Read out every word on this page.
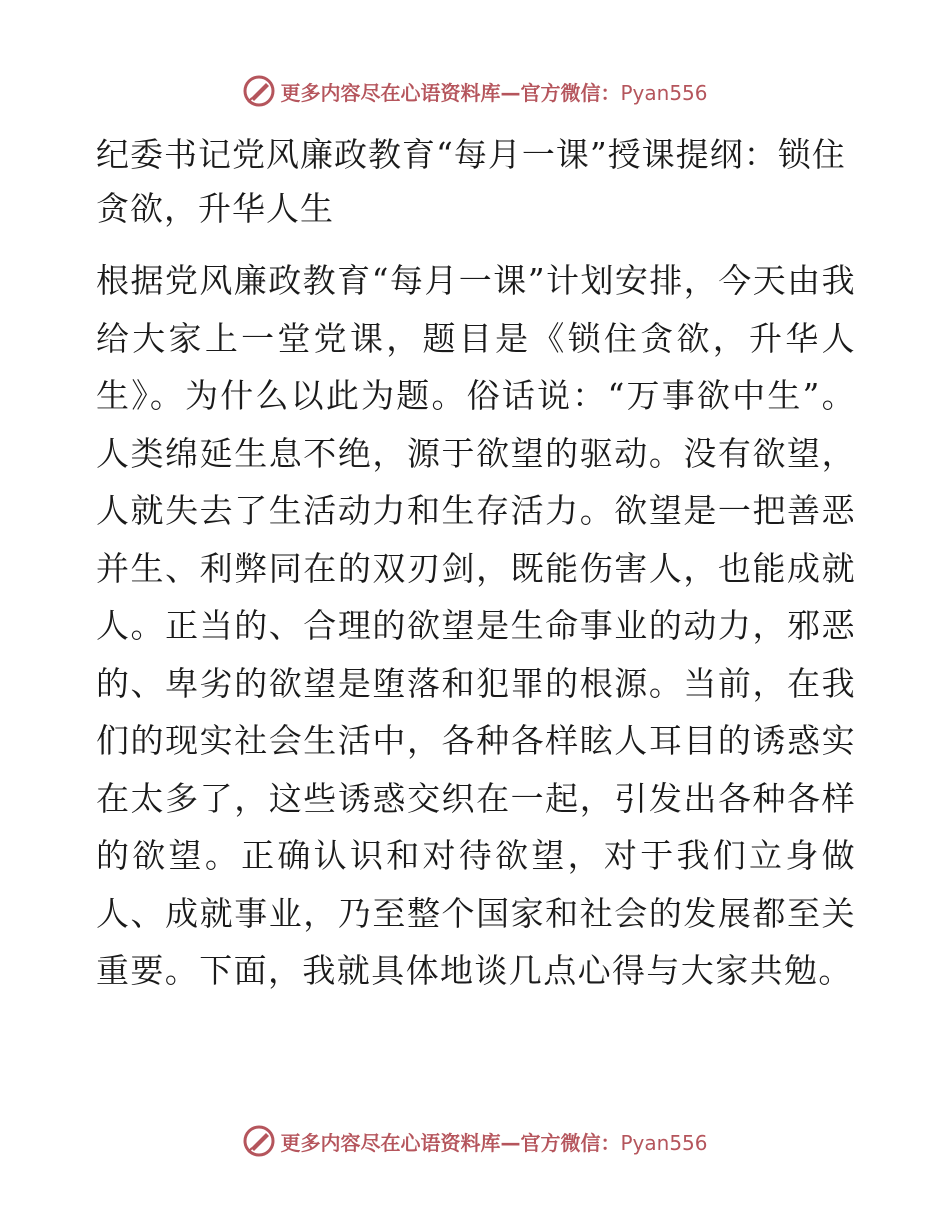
更多内容尽在心语资料库—官方微信：Pyan556
纪委书记党风廉政教育“每月一课”授课提纲：锁住贪欲，升华人生

根据党风廉政教育“每月一课”计划安排，今天由我给大家上一堂党课，题目是《锁住贪欲，升华人生》。为什么以此为题。俗话说：“万事欲中生”。人类绵延生息不绝，源于欲望的驱动。没有欲望，人就失去了生活动力和生存活力。欲望是一把善恶并生、利弊同在的双刃剑，既能伤害人，也能成就人。正当的、合理的欲望是生命事业的动力，邪恶的、卑劣的欲望是堕落和犯罪的根源。当前，在我们的现实社会生活中，各种各样眩人耳目的诱惑实在太多了，这些诱惑交织在一起，引发出各种各样的欲望。正确认识和对待欲望，对于我们立身做人、成就事业，乃至整个国家和社会的发展都至关重要。下面，我就具体地谈几点心得与大家共勉。

更多内容尽在心语资料库—官方微信：Pyan556
